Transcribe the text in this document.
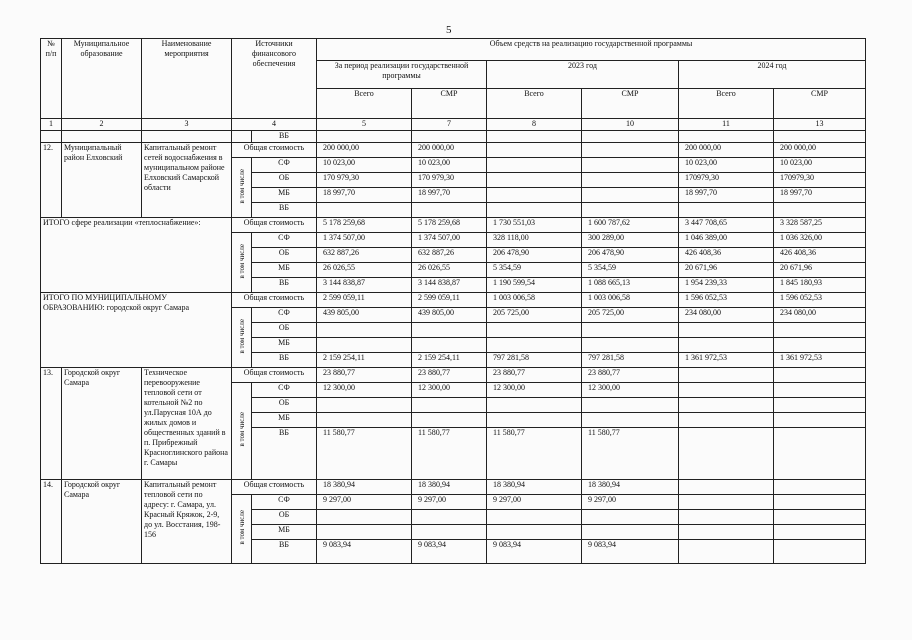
5
№ п/п	Муниципальное образование	Наименование мероприятия	Источники финансового обеспечения		Объем средств на реализацию государственной программы					
					За период реализации государственной программы		2023 год		2024 год	
					Всего	СМР	Всего	СМР	Всего	СМР
1	2	3	4		5	7	8	10	11	13
				ВБ						
12.	Муниципальный район Елховский	Капитальный ремонт сетей водоснабжения в муниципальном районе Елховский Самарской области	Общая стоимость		200 000,00	200 000,00			200 000,00	200 000,00
			в том числе	СФ	10 023,00	10 023,00			10 023,00	10 023,00
				ОБ	170 979,30	170 979,30			170979,30	170979,30
				МБ	18 997,70	18 997,70			18 997,70	18 997,70
				ВБ						
ИТОГО сфере реализации «теплоснабжение»:			Общая стоимость		5 178 259,68	5 178 259,68	1 730 551,03	1 600 787,62	3 447 708,65	3 328 587,25
			в том числе	СФ	1 374 507,00	1 374 507,00	328 118,00	300 289,00	1 046 389,00	1 036 326,00
				ОБ	632 887,26	632 887,26	206 478,90	206 478,90	426 408,36	426 408,36
				МБ	26 026,55	26 026,55	5 354,59	5 354,59	20 671,96	20 671,96
				ВБ	3 144 838,87	3 144 838,87	1 190 599,54	1 088 665,13	1 954 239,33	1 845 180,93
ИТОГО ПО МУНИЦИПАЛЬНОМУ ОБРАЗОВАНИЮ: городской округ Самара			Общая стоимость		2 599 059,11	2 599 059,11	1 003 006,58	1 003 006,58	1 596 052,53	1 596 052,53
			в том числе	СФ	439 805,00	439 805,00	205 725,00	205 725,00	234 080,00	234 080,00
				ОБ						
				МБ						
				ВБ	2 159 254,11	2 159 254,11	797 281,58	797 281,58	1 361 972,53	1 361 972,53
13.	Городской округ Самара	Техническое перевооружение тепловой сети от котельной №2 по ул.Парусная 10А до жилых домов и общественных зданий в п. Прибрежный Красноглинского района г. Самары	Общая стоимость		23 880,77	23 880,77	23 880,77	23 880,77		
			в том числе	СФ	12 300,00	12 300,00	12 300,00	12 300,00		
				ОБ						
				МБ						
				ВБ	11 580,77	11 580,77	11 580,77	11 580,77		
14.	Городской округ Самара	Капитальный ремонт тепловой сети по адресу: г. Самара, ул. Красный Кряжок, 2-9, до ул. Восстания, 198-156	Общая стоимость		18 380,94	18 380,94	18 380,94	18 380,94		
			в том числе	СФ	9 297,00	9 297,00	9 297,00	9 297,00		
				ОБ						
				МБ						
				ВБ	9 083,94	9 083,94	9 083,94	9 083,94		
